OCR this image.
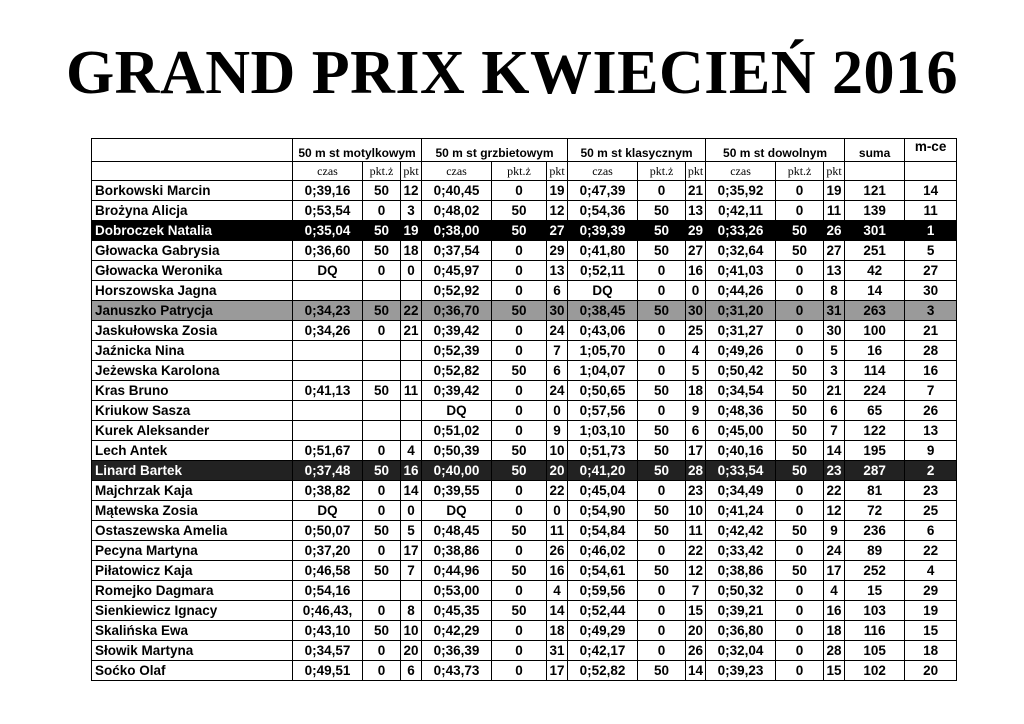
GRAND PRIX KWIECIEŃ 2016
	50 m st motylkowym			50 m st grzbietowym			50 m st klasycznym			50 m st dowolnym			suma	m-ce
	czas	pkt.ż	pkt	czas	pkt.ż	pkt	czas	pkt.ż	pkt	czas	pkt.ż	pkt		
Borkowski Marcin	0;39,16	50	12	0;40,45	0	19	0;47,39	0	21	0;35,92	0	19	121	14
Brożyna Alicja	0;53,54	0	3	0;48,02	50	12	0;54,36	50	13	0;42,11	0	11	139	11
Dobroczek Natalia	0;35,04	50	19	0;38,00	50	27	0;39,39	50	29	0;33,26	50	26	301	1
Głowacka Gabrysia	0;36,60	50	18	0;37,54	0	29	0;41,80	50	27	0;32,64	50	27	251	5
Głowacka Weronika	DQ	0	0	0;45,97	0	13	0;52,11	0	16	0;41,03	0	13	42	27
Horszowska Jagna				0;52,92	0	6	DQ	0	0	0;44,26	0	8	14	30
Januszko Patrycja	0;34,23	50	22	0;36,70	50	30	0;38,45	50	30	0;31,20	0	31	263	3
Jaskułowska Zosia	0;34,26	0	21	0;39,42	0	24	0;43,06	0	25	0;31,27	0	30	100	21
Jaźnicka Nina				0;52,39	0	7	1;05,70	0	4	0;49,26	0	5	16	28
Jeżewska Karolona				0;52,82	50	6	1;04,07	0	5	0;50,42	50	3	114	16
Kras Bruno	0;41,13	50	11	0;39,42	0	24	0;50,65	50	18	0;34,54	50	21	224	7
Kriukow Sasza				DQ	0	0	0;57,56	0	9	0;48,36	50	6	65	26
Kurek Aleksander				0;51,02	0	9	1;03,10	50	6	0;45,00	50	7	122	13
Lech Antek	0;51,67	0	4	0;50,39	50	10	0;51,73	50	17	0;40,16	50	14	195	9
Linard Bartek	0;37,48	50	16	0;40,00	50	20	0;41,20	50	28	0;33,54	50	23	287	2
Majchrzak Kaja	0;38,82	0	14	0;39,55	0	22	0;45,04	0	23	0;34,49	0	22	81	23
Mątewska Zosia	DQ	0	0	DQ	0	0	0;54,90	50	10	0;41,24	0	12	72	25
Ostaszewska Amelia	0;50,07	50	5	0;48,45	50	11	0;54,84	50	11	0;42,42	50	9	236	6
Pecyna Martyna	0;37,20	0	17	0;38,86	0	26	0;46,02	0	22	0;33,42	0	24	89	22
Piłatowicz Kaja	0;46,58	50	7	0;44,96	50	16	0;54,61	50	12	0;38,86	50	17	252	4
Romejko Dagmara	0;54,16			0;53,00	0	4	0;59,56	0	7	0;50,32	0	4	15	29
Sienkiewicz Ignacy	0;46,43,	0	8	0;45,35	50	14	0;52,44	0	15	0;39,21	0	16	103	19
Skalińska Ewa	0;43,10	50	10	0;42,29	0	18	0;49,29	0	20	0;36,80	0	18	116	15
Słowik Martyna	0;34,57	0	20	0;36,39	0	31	0;42,17	0	26	0;32,04	0	28	105	18
Soćko Olaf	0;49,51	0	6	0;43,73	0	17	0;52,82	50	14	0;39,23	0	15	102	20
